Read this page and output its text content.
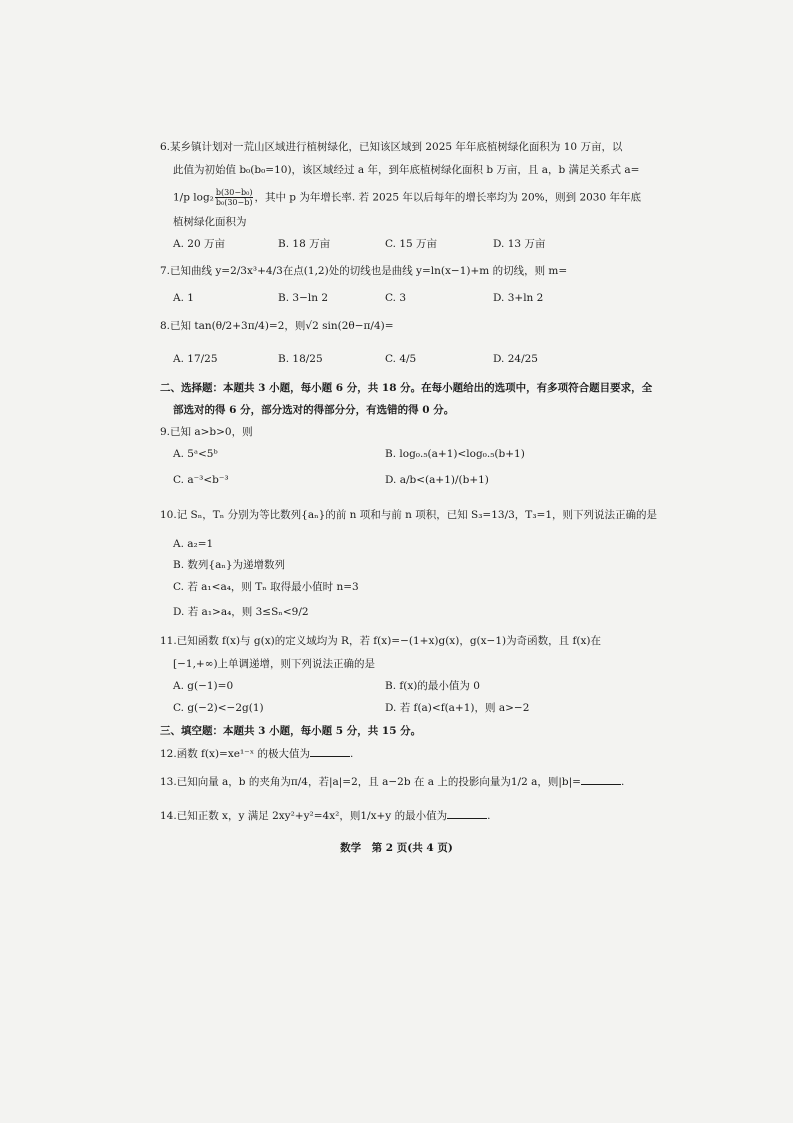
6.某乡镇计划对一荒山区域进行植树绿化，已知该区域到 2025 年年底植树绿化面积为 10 万亩，以
此值为初始值 b₀(b₀=10)，该区域经过 a 年，到年底植树绿化面积 b 万亩，且 a，b 满足关系式 a=
1/p $\log_2 \frac{\text{b(30−b₀)}}{\text{b₀(30−b)}}$ ，其中 p 为年增长率. 若 2025 年以后每年的增长率均为 20%，则到 2030 年年底
植树绿化面积为
A. 20 万亩	B. 18 万亩	C. 15 万亩	D. 13 万亩
7.已知曲线 y=2/3x³+4/3在点(1,2)处的切线也是曲线 y=ln(x−1)+m 的切线，则 m=
A. 1	B. 3−ln 2	C. 3	D. 3+ln 2
8.已知 tan(θ/2+3π/4)=2，则√2 sin(2θ−π/4)=
A. 17/25	B. 18/25	C. 4/5	D. 24/25
二、选择题：本题共 3 小题，每小题 6 分，共 18 分。在每小题给出的选项中，有多项符合题目要求，全
部选对的得 6 分，部分选对的得部分分，有选错的得 0 分。
9.已知 a>b>0，则
A. 5ᵃ<5ᵇ	B. log₀.₅(a+1)<log₀.₅(b+1)
C. a⁻³<b⁻³	D. a/b<(a+1)/(b+1)
10.记 Sₙ，Tₙ 分别为等比数列{aₙ}的前 n 项和与前 n 项积，已知 S₃=13/3，T₃=1，则下列说法正确的是
A. a₂=1
B. 数列{aₙ}为递增数列
C. 若 a₁<a₄，则 Tₙ 取得最小值时 n=3
D. 若 a₁>a₄，则 3≤Sₙ<9/2
11.已知函数 f(x)与 g(x)的定义域均为 R，若 f(x)=−(1+x)g(x)，g(x−1)为奇函数，且 f(x)在
[−1,+∞)上单调递增，则下列说法正确的是
A. g(−1)=0	B. f(x)的最小值为 0
C. g(−2)<−2g(1)	D. 若 f(a)<f(a+1)，则 a>−2
三、填空题：本题共 3 小题，每小题 5 分，共 15 分。
12.函数 f(x)=xe¹⁻ˣ 的极大值为	.
13.已知向量 a，b 的夹角为π/4，若|a|=2，且 a−2b 在 a 上的投影向量为1/2 a，则|b|=	.
14.已知正数 x，y 满足 2xy²+y²=4x²，则1/x+y 的最小值为	.
数学　第 2 页(共 4 页)
